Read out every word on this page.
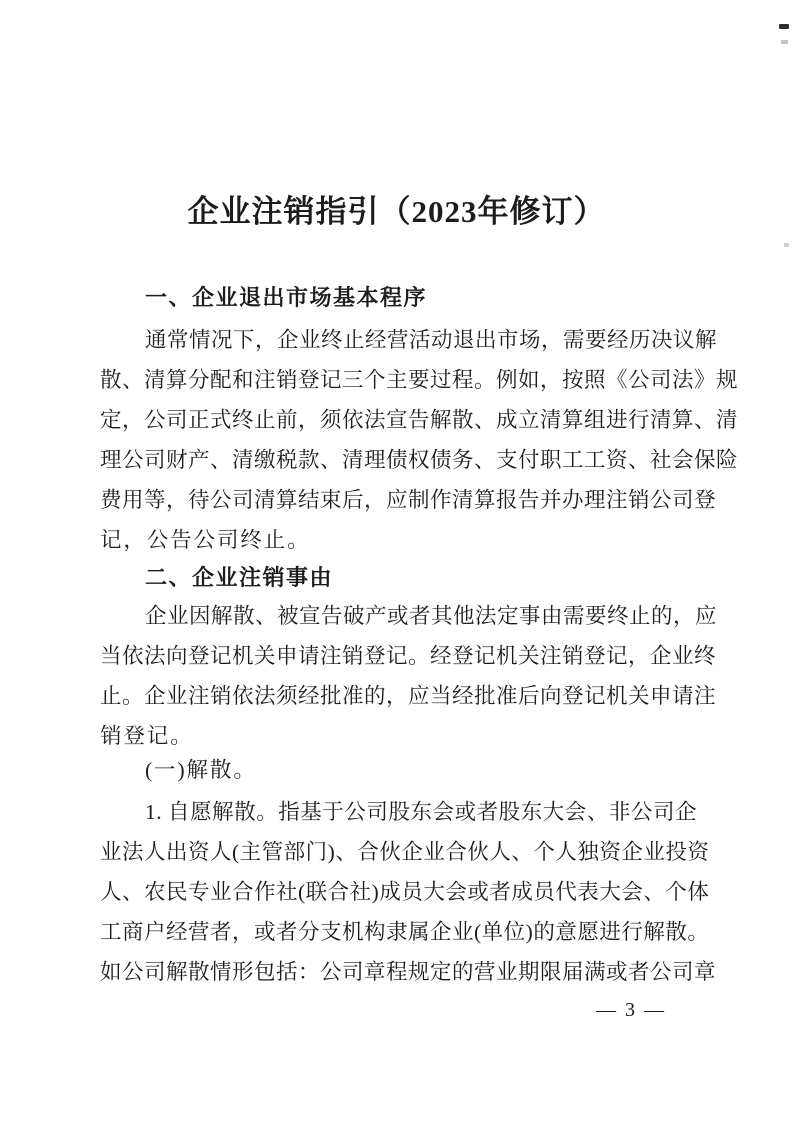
企业注销指引（2023年修订）
一、企业退出市场基本程序
通常情况下，企业终止经营活动退出市场，需要经历决议解
散、清算分配和注销登记三个主要过程。例如，按照《公司法》规
定，公司正式终止前，须依法宣告解散、成立清算组进行清算、清
理公司财产、清缴税款、清理债权债务、支付职工工资、社会保险
费用等，待公司清算结束后，应制作清算报告并办理注销公司登
记，公告公司终止。
二、企业注销事由
企业因解散、被宣告破产或者其他法定事由需要终止的，应
当依法向登记机关申请注销登记。经登记机关注销登记，企业终
止。企业注销依法须经批准的，应当经批准后向登记机关申请注
销登记。
(一)解散。
1. 自愿解散。指基于公司股东会或者股东大会、非公司企
业法人出资人(主管部门)、合伙企业合伙人、个人独资企业投资
人、农民专业合作社(联合社)成员大会或者成员代表大会、个体
工商户经营者，或者分支机构隶属企业(单位)的意愿进行解散。
如公司解散情形包括：公司章程规定的营业期限届满或者公司章
— 3 —
